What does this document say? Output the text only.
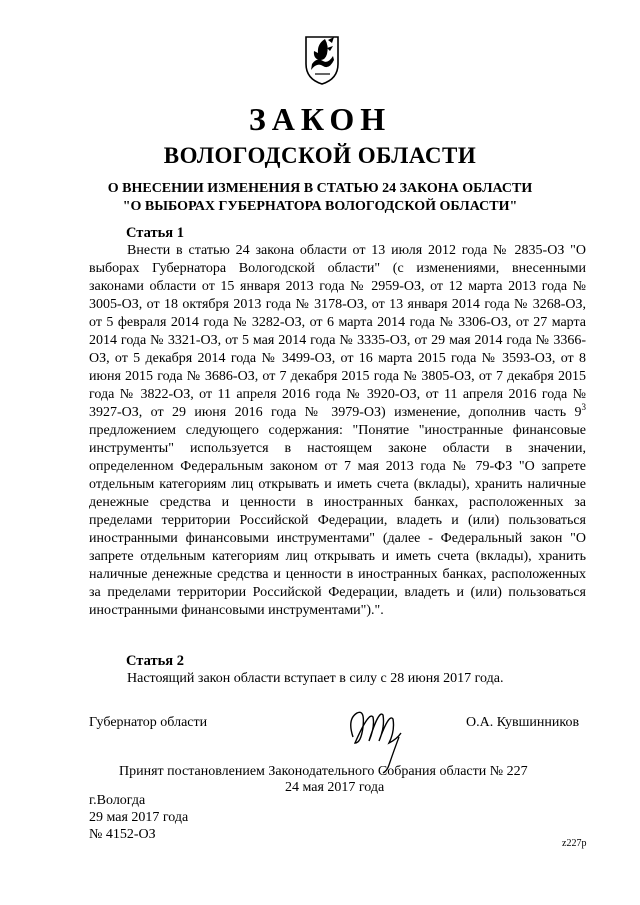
ЗАКОН
ВОЛОГОДСКОЙ ОБЛАСТИ
О ВНЕСЕНИИ ИЗМЕНЕНИЯ В СТАТЬЮ 24 ЗАКОНА ОБЛАСТИ
"О ВЫБОРАХ ГУБЕРНАТОРА ВОЛОГОДСКОЙ ОБЛАСТИ"
Статья 1

Внести в статью 24 закона области от 13 июля 2012 года № 2835-ОЗ "О выборах Губернатора Вологодской области" (с изменениями, внесенными законами области от 15 января 2013 года № 2959-ОЗ, от 12 марта 2013 года № 3005-ОЗ, от 18 октября 2013 года № 3178-ОЗ, от 13 января 2014 года № 3268-ОЗ, от 5 февраля 2014 года № 3282-ОЗ, от 6 марта 2014 года № 3306-ОЗ, от 27 марта 2014 года № 3321-ОЗ, от 5 мая 2014 года № 3335-ОЗ, от 29 мая 2014 года № 3366-ОЗ, от 5 декабря 2014 года № 3499-ОЗ, от 16 марта 2015 года № 3593-ОЗ, от 8 июня 2015 года № 3686-ОЗ, от 7 декабря 2015 года № 3805-ОЗ, от 7 декабря 2015 года № 3822-ОЗ, от 11 апреля 2016 года № 3920-ОЗ, от 11 апреля 2016 года № 3927-ОЗ, от 29 июня 2016 года № 3979-ОЗ) изменение, дополнив часть $9^3$ предложением следующего содержания: "Понятие "иностранные финансовые инструменты" используется в настоящем законе области в значении, определенном Федеральным законом от 7 мая 2013 года № 79-ФЗ "О запрете отдельным категориям лиц открывать и иметь счета (вклады), хранить наличные денежные средства и ценности в иностранных банках, расположенных за пределами территории Российской Федерации, владеть и (или) пользоваться иностранными финансовыми инструментами" (далее - Федеральный закон "О запрете отдельным категориям лиц открывать и иметь счета (вклады), хранить наличные денежные средства и ценности в иностранных банках, расположенных за пределами территории Российской Федерации, владеть и (или) пользоваться иностранными финансовыми инструментами").".

Статья 2

Настоящий закон области вступает в силу с 28 июня 2017 года.

Губернатор области	О.А. Кувшинников
Принят постановлением Законодательного Собрания области № 227
24 мая 2017 года
г.Вологда
29 мая 2017 года
№ 4152-ОЗ
z227p
